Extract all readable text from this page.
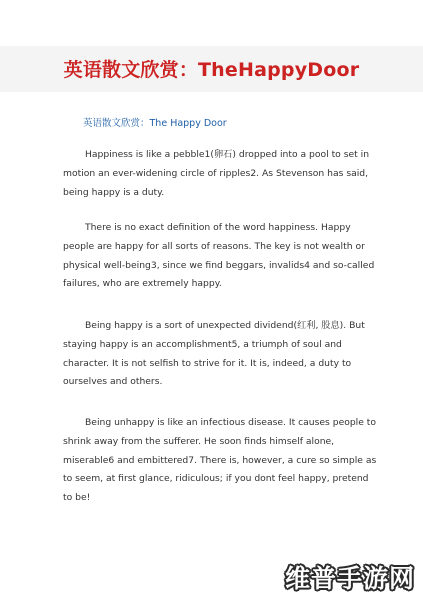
英语散文欣赏：TheHappyDoor
英语散文欣赏：The Happy Door
Happiness is like a pebble1(卵石) dropped into a pool to set in
motion an ever-widening circle of ripples2. As Stevenson has said,
being happy is a duty.
There is no exact definition of the word happiness. Happy
people are happy for all sorts of reasons. The key is not wealth or
physical well-being3, since we find beggars, invalids4 and so-called
failures, who are extremely happy.
Being happy is a sort of unexpected dividend(红利, 股息). But
staying happy is an accomplishment5, a triumph of soul and
character. It is not selfish to strive for it. It is, indeed, a duty to
ourselves and others.
Being unhappy is like an infectious disease. It causes people to
shrink away from the sufferer. He soon finds himself alone,
miserable6 and embittered7. There is, however, a cure so simple as
to seem, at first glance, ridiculous; if you dont feel happy, pretend
to be!
维普手游网
